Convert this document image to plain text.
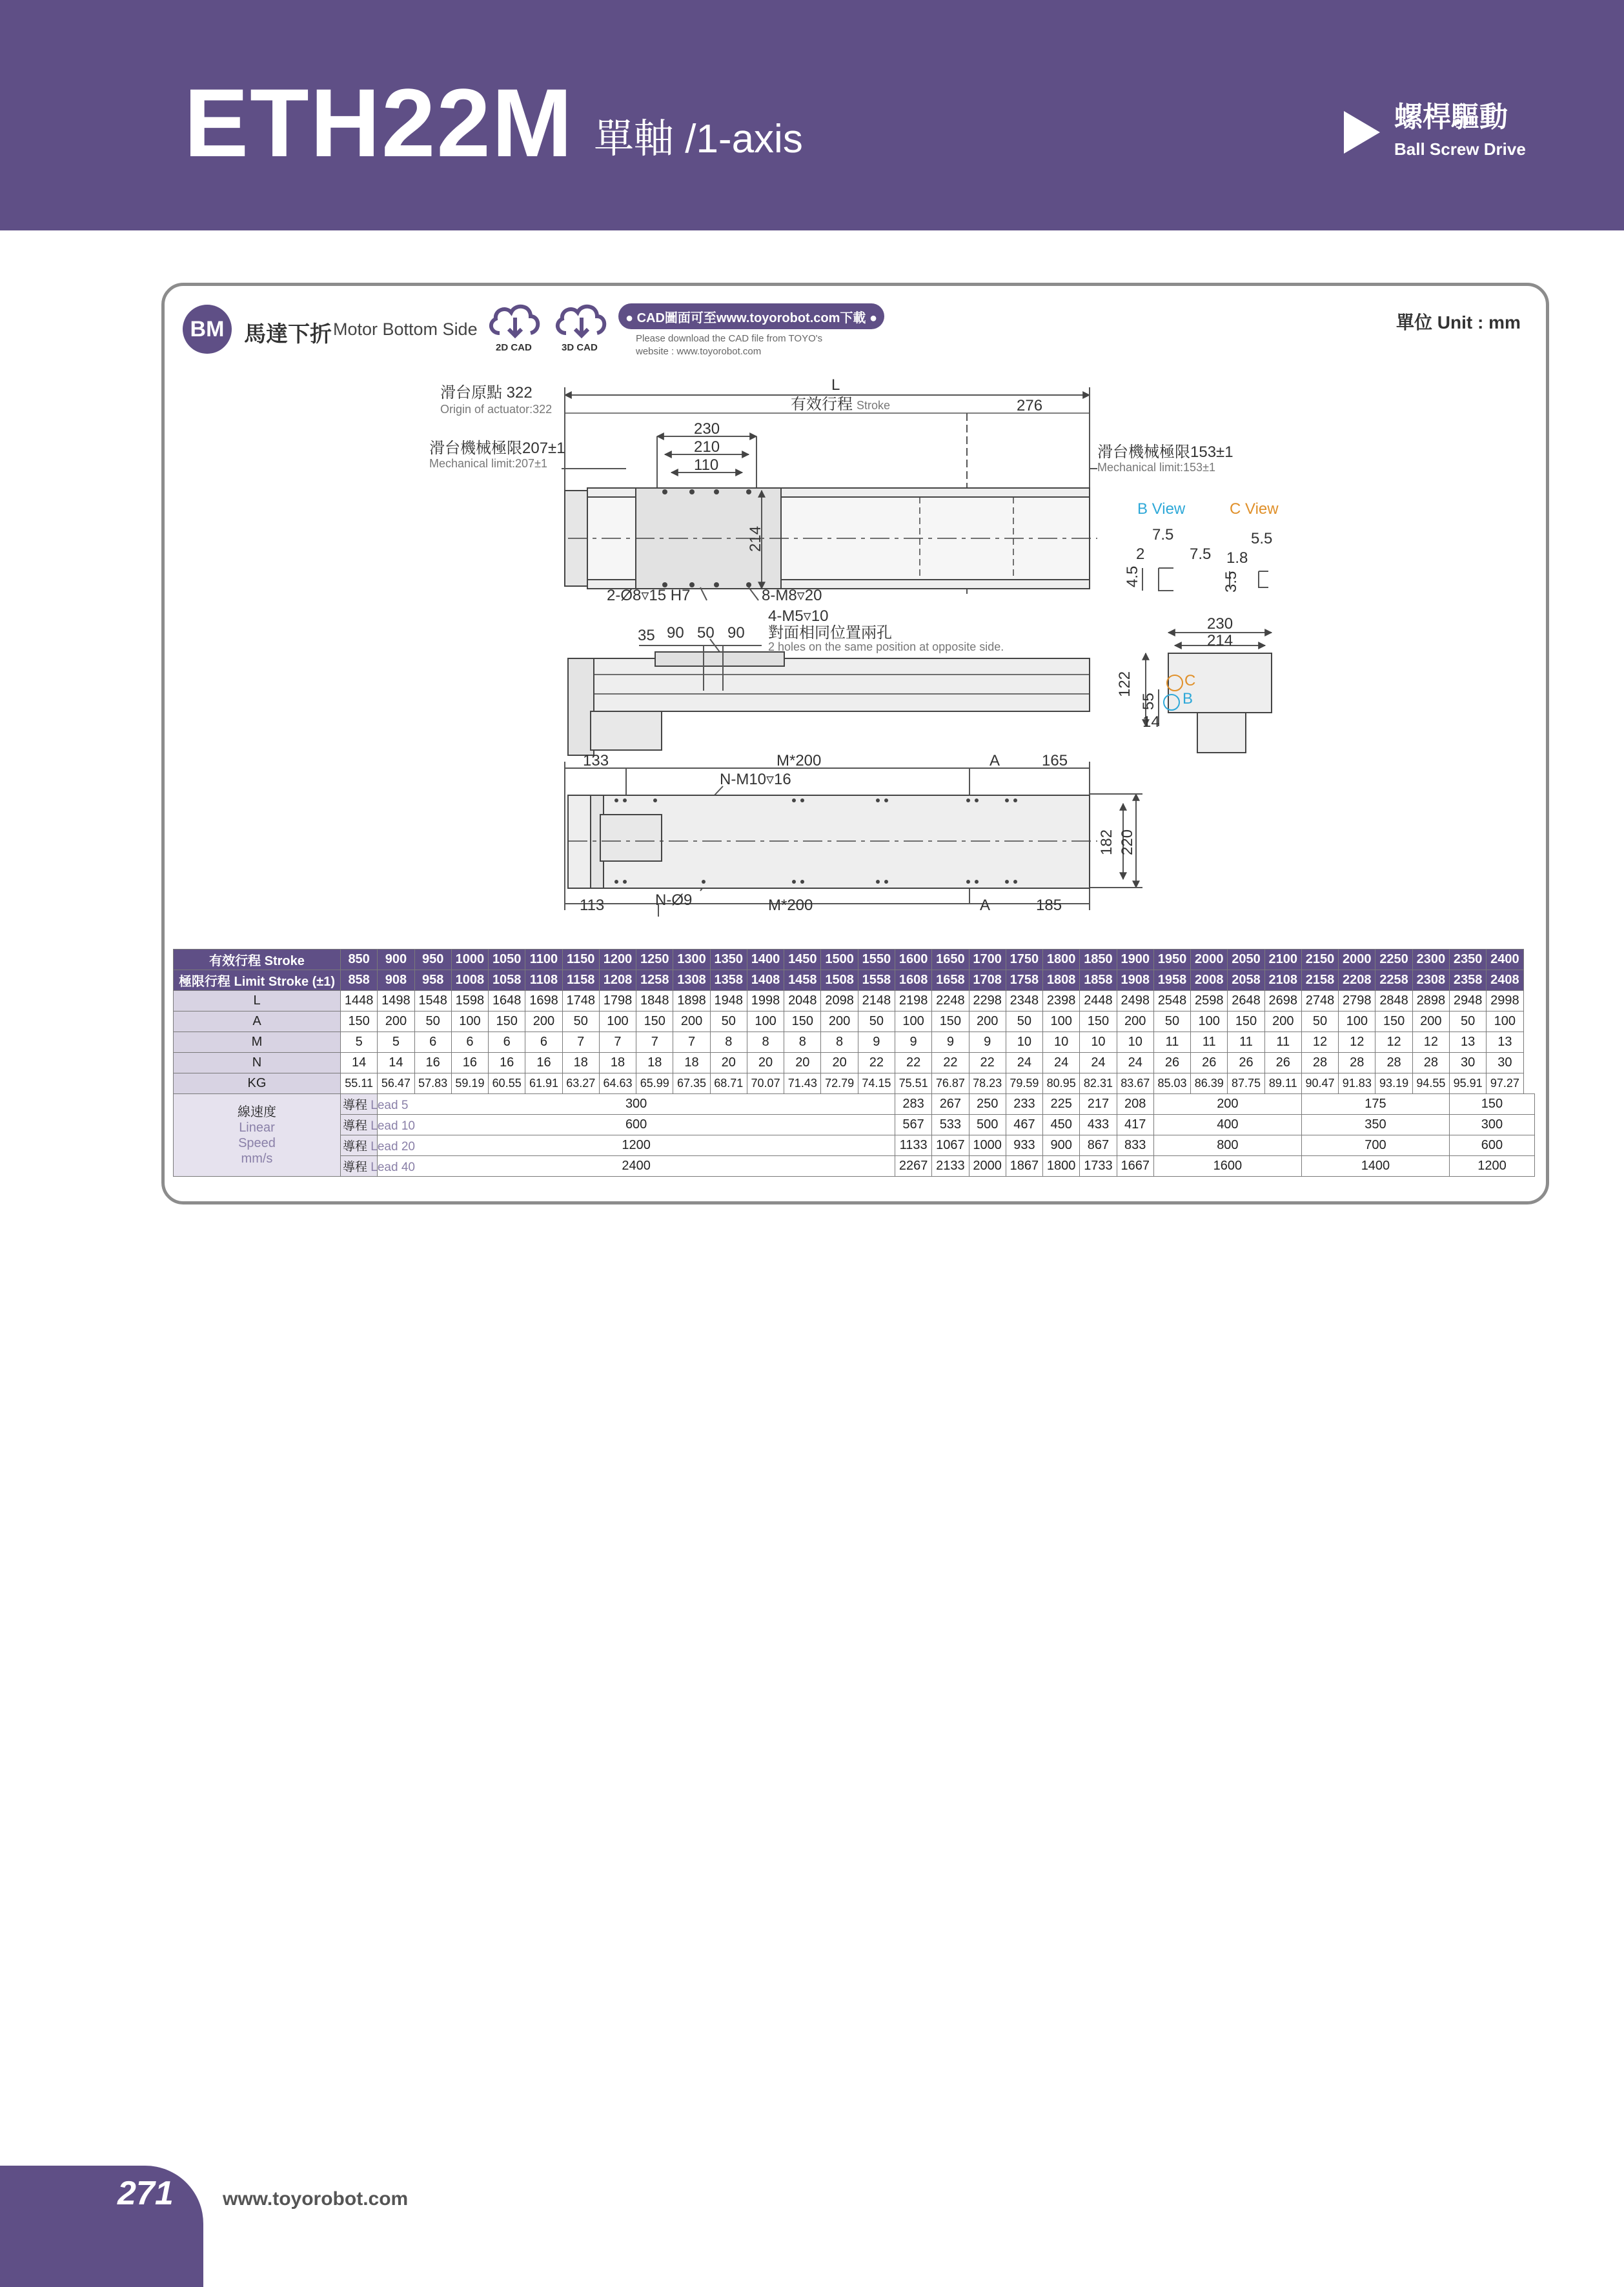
ETH22M 單軸 /1-axis	螺桿驅動
Ball Screw Drive
BM 馬達下折 Motor Bottom Side
2D CAD	3D CAD
● CAD圖面可至www.toyorobot.com下載 ●
Please download the CAD file from TOYO's
website : www.toyorobot.com
單位 Unit : mm
滑台原點 322
Origin of actuator:322
L
有效行程 Stroke	276
230
210
110
滑台機械極限207±1
Mechanical limit:207±1
滑台機械極限153±1
Mechanical limit:153±1
214
2-Ø8▿15 H7	8-M8▿20
4-M5▿10
對面相同位置兩孔
2 holes on the same position at opposite side.
35 90 50 90
B View	C View
7.5
2
4.5
7.5
5.5
1.8
3.5
230
214
122
55
14
B
C
133	M*200	A	165
N-M10▿16
182 220
113	N-Ø9	M*200	A	185
有效行程 Stroke	850	900	950	1000	1050	1100	1150	1200	1250	1300	1350	1400	1450	1500	1550	1600	1650	1700	1750	1800	1850	1900	1950	2000	2050	2100	2150	2000	2250	2300	2350	2400
極限行程 Limit Stroke (±1)	858	908	958	1008	1058	1108	1158	1208	1258	1308	1358	1408	1458	1508	1558	1608	1658	1708	1758	1808	1858	1908	1958	2008	2058	2108	2158	2208	2258	2308	2358	2408
L	1448	1498	1548	1598	1648	1698	1748	1798	1848	1898	1948	1998	2048	2098	2148	2198	2248	2298	2348	2398	2448	2498	2548	2598	2648	2698	2748	2798	2848	2898	2948	2998
A	150	200	50	100	150	200	50	100	150	200	50	100	150	200	50	100	150	200	50	100	150	200	50	100	150	200	50	100	150	200	50	100
M	5	5	6	6	6	6	7	7	7	7	8	8	8	8	9	9	9	9	10	10	10	10	11	11	11	11	12	12	12	12	13	13
N	14	14	16	16	16	16	18	18	18	18	20	20	20	20	22	22	22	22	24	24	24	24	26	26	26	26	28	28	28	28	30	30
KG	55.11	56.47	57.83	59.19	60.55	61.91	63.27	64.63	65.99	67.35	68.71	70.07	71.43	72.79	74.15	75.51	76.87	78.23	79.59	80.95	82.31	83.67	85.03	86.39	87.75	89.11	90.47	91.83	93.19	94.55	95.91	97.27

線速度
Linear
Speed
mm/s	導程 Lead 5	300														283	267	250	233	225	217	208	200				175				150	
	導程 Lead 10	600														567	533	500	467	450	433	417	400				350				300	
	導程 Lead 20	1200														1133	1067	1000	933	900	867	833	800				700				600	
	導程 Lead 40	2400														2267	2133	2000	1867	1800	1733	1667	1600				1400				1200	
271	www.toyorobot.com
